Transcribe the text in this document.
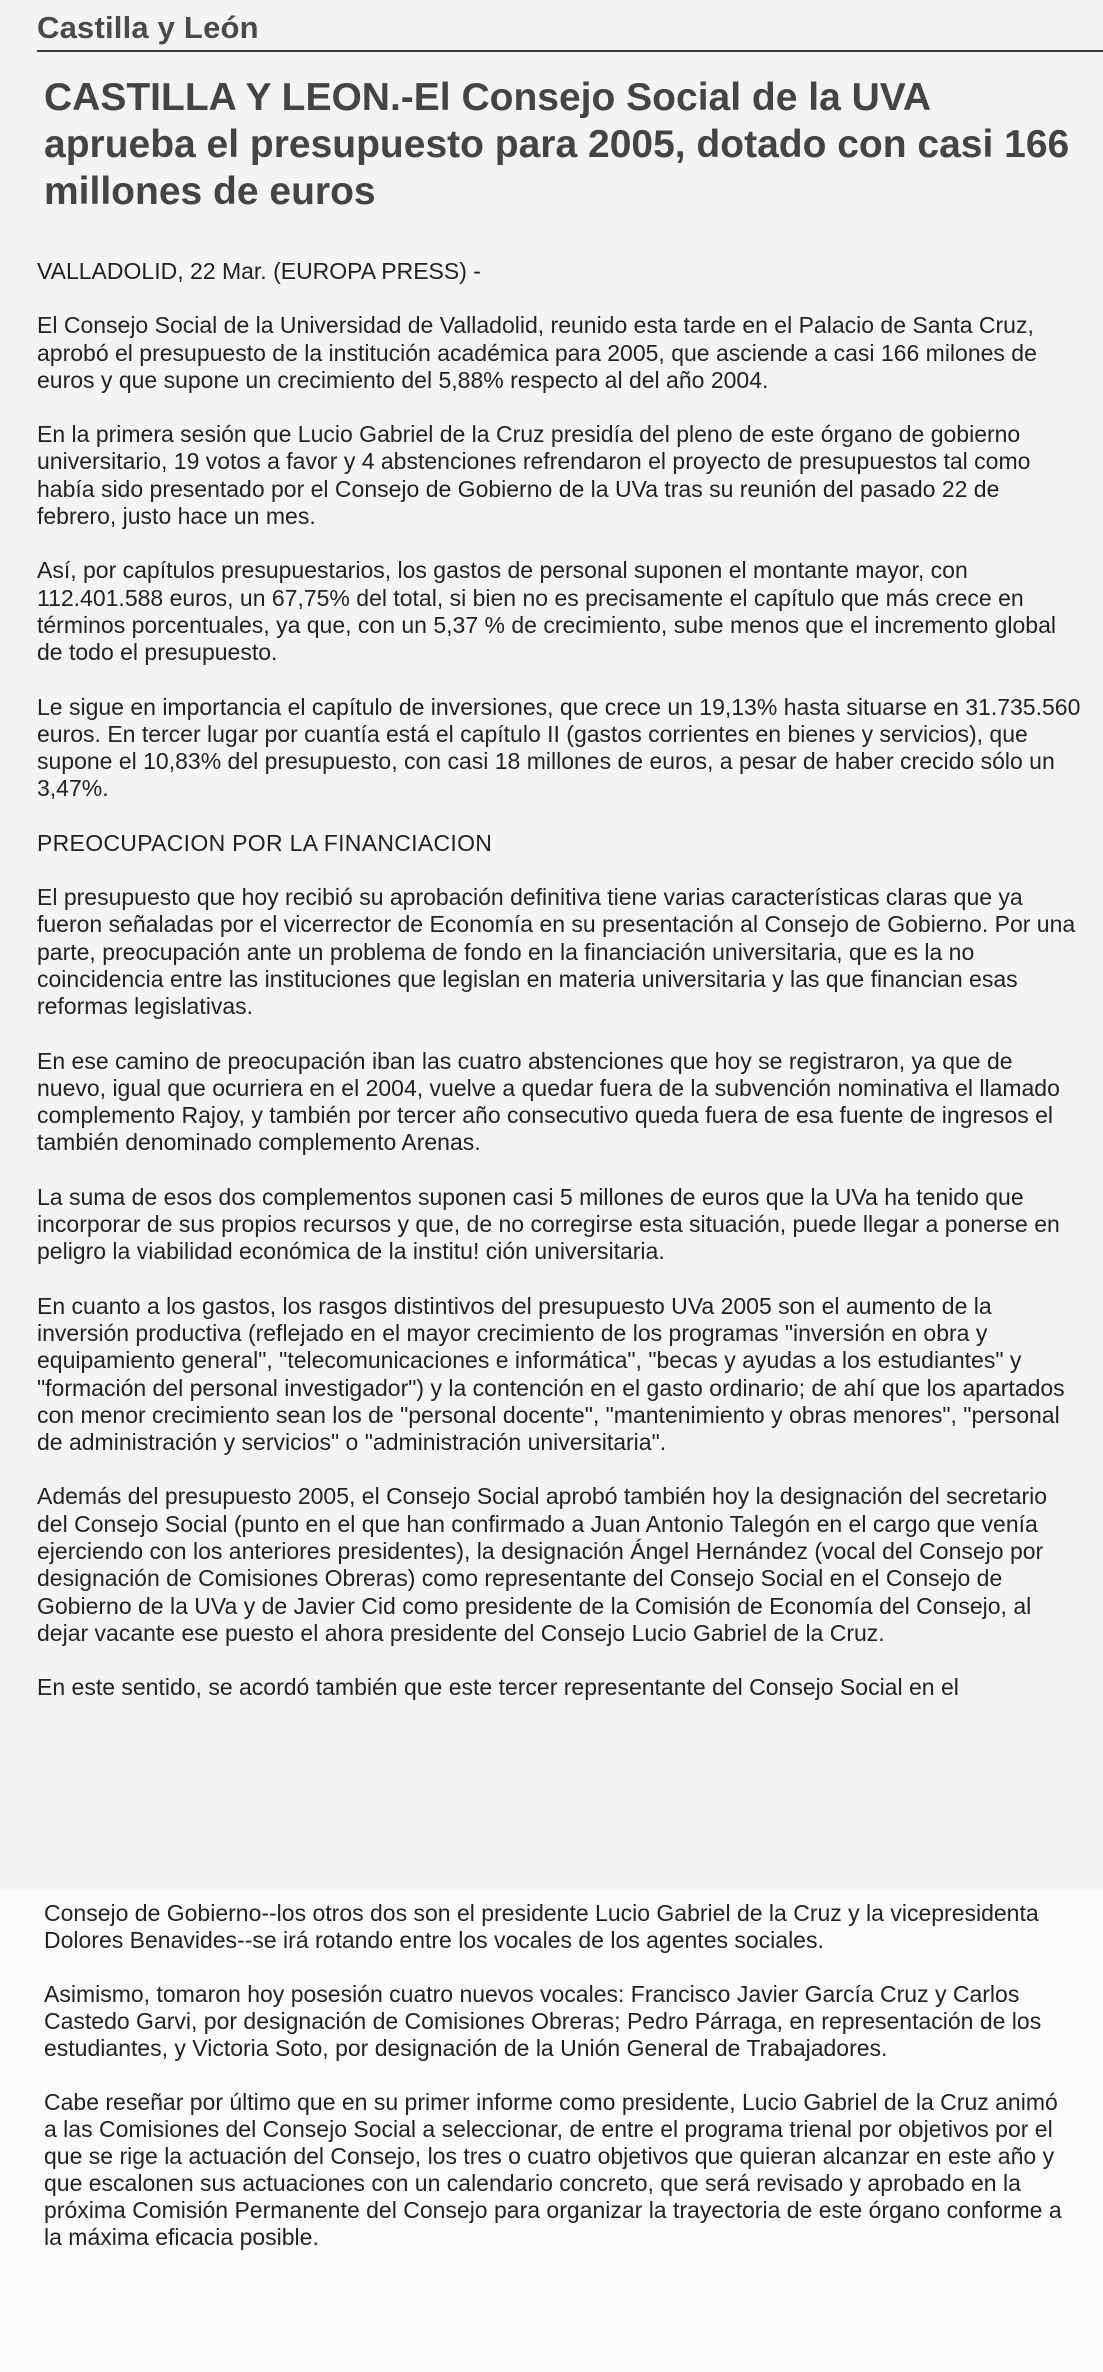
Castilla y León
CASTILLA Y LEON.-El Consejo Social de la UVA aprueba el presupuesto para 2005, dotado con casi 166 millones de euros

VALLADOLID, 22 Mar. (EUROPA PRESS) -

El Consejo Social de la Universidad de Valladolid, reunido esta tarde en el Palacio de Santa Cruz, aprobó el presupuesto de la institución académica para 2005, que asciende a casi 166 milones de euros y que supone un crecimiento del 5,88% respecto al del año 2004.

En la primera sesión que Lucio Gabriel de la Cruz presidía del pleno de este órgano de gobierno universitario, 19 votos a favor y 4 abstenciones refrendaron el proyecto de presupuestos tal como había sido presentado por el Consejo de Gobierno de la UVa tras su reunión del pasado 22 de febrero, justo hace un mes.

Así, por capítulos presupuestarios, los gastos de personal suponen el montante mayor, con 112.401.588 euros, un 67,75% del total, si bien no es precisamente el capítulo que más crece en términos porcentuales, ya que, con un 5,37 % de crecimiento, sube menos que el incremento global de todo el presupuesto.

Le sigue en importancia el capítulo de inversiones, que crece un 19,13% hasta situarse en 31.735.560 euros. En tercer lugar por cuantía está el capítulo II (gastos corrientes en bienes y servicios), que supone el 10,83% del presupuesto, con casi 18 millones de euros, a pesar de haber crecido sólo un 3,47%.

PREOCUPACION POR LA FINANCIACION

El presupuesto que hoy recibió su aprobación definitiva tiene varias características claras que ya fueron señaladas por el vicerrector de Economía en su presentación al Consejo de Gobierno. Por una parte, preocupación ante un problema de fondo en la financiación universitaria, que es la no coincidencia entre las instituciones que legislan en materia universitaria y las que financian esas reformas legislativas.

En ese camino de preocupación iban las cuatro abstenciones que hoy se registraron, ya que de nuevo, igual que ocurriera en el 2004, vuelve a quedar fuera de la subvención nominativa el llamado complemento Rajoy, y también por tercer año consecutivo queda fuera de esa fuente de ingresos el también denominado complemento Arenas.

La suma de esos dos complementos suponen casi 5 millones de euros que la UVa ha tenido que incorporar de sus propios recursos y que, de no corregirse esta situación, puede llegar a ponerse en peligro la viabilidad económica de la institu! ción universitaria.

En cuanto a los gastos, los rasgos distintivos del presupuesto UVa 2005 son el aumento de la inversión productiva (reflejado en el mayor crecimiento de los programas "inversión en obra y equipamiento general", "telecomunicaciones e informática", "becas y ayudas a los estudiantes" y "formación del personal investigador") y la contención en el gasto ordinario; de ahí que los apartados con menor crecimiento sean los de "personal docente", "mantenimiento y obras menores", "personal de administración y servicios" o "administración universitaria".

Además del presupuesto 2005, el Consejo Social aprobó también hoy la designación del secretario del Consejo Social (punto en el que han confirmado a Juan Antonio Talegón en el cargo que venía ejerciendo con los anteriores presidentes), la designación Ángel Hernández (vocal del Consejo por designación de Comisiones Obreras) como representante del Consejo Social en el Consejo de Gobierno de la UVa y de Javier Cid como presidente de la Comisión de Economía del Consejo, al dejar vacante ese puesto el ahora presidente del Consejo Lucio Gabriel de la Cruz.

En este sentido, se acordó también que este tercer representante del Consejo Social en el

Consejo de Gobierno--los otros dos son el presidente Lucio Gabriel de la Cruz y la vicepresidenta Dolores Benavides--se irá rotando entre los vocales de los agentes sociales.

Asimismo, tomaron hoy posesión cuatro nuevos vocales: Francisco Javier García Cruz y Carlos Castedo Garvi, por designación de Comisiones Obreras; Pedro Párraga, en representación de los estudiantes, y Victoria Soto, por designación de la Unión General de Trabajadores.

Cabe reseñar por último que en su primer informe como presidente, Lucio Gabriel de la Cruz animó a las Comisiones del Consejo Social a seleccionar, de entre el programa trienal por objetivos por el que se rige la actuación del Consejo, los tres o cuatro objetivos que quieran alcanzar en este año y que escalonen sus actuaciones con un calendario concreto, que será revisado y aprobado en la próxima Comisión Permanente del Consejo para organizar la trayectoria de este órgano conforme a la máxima eficacia posible.
